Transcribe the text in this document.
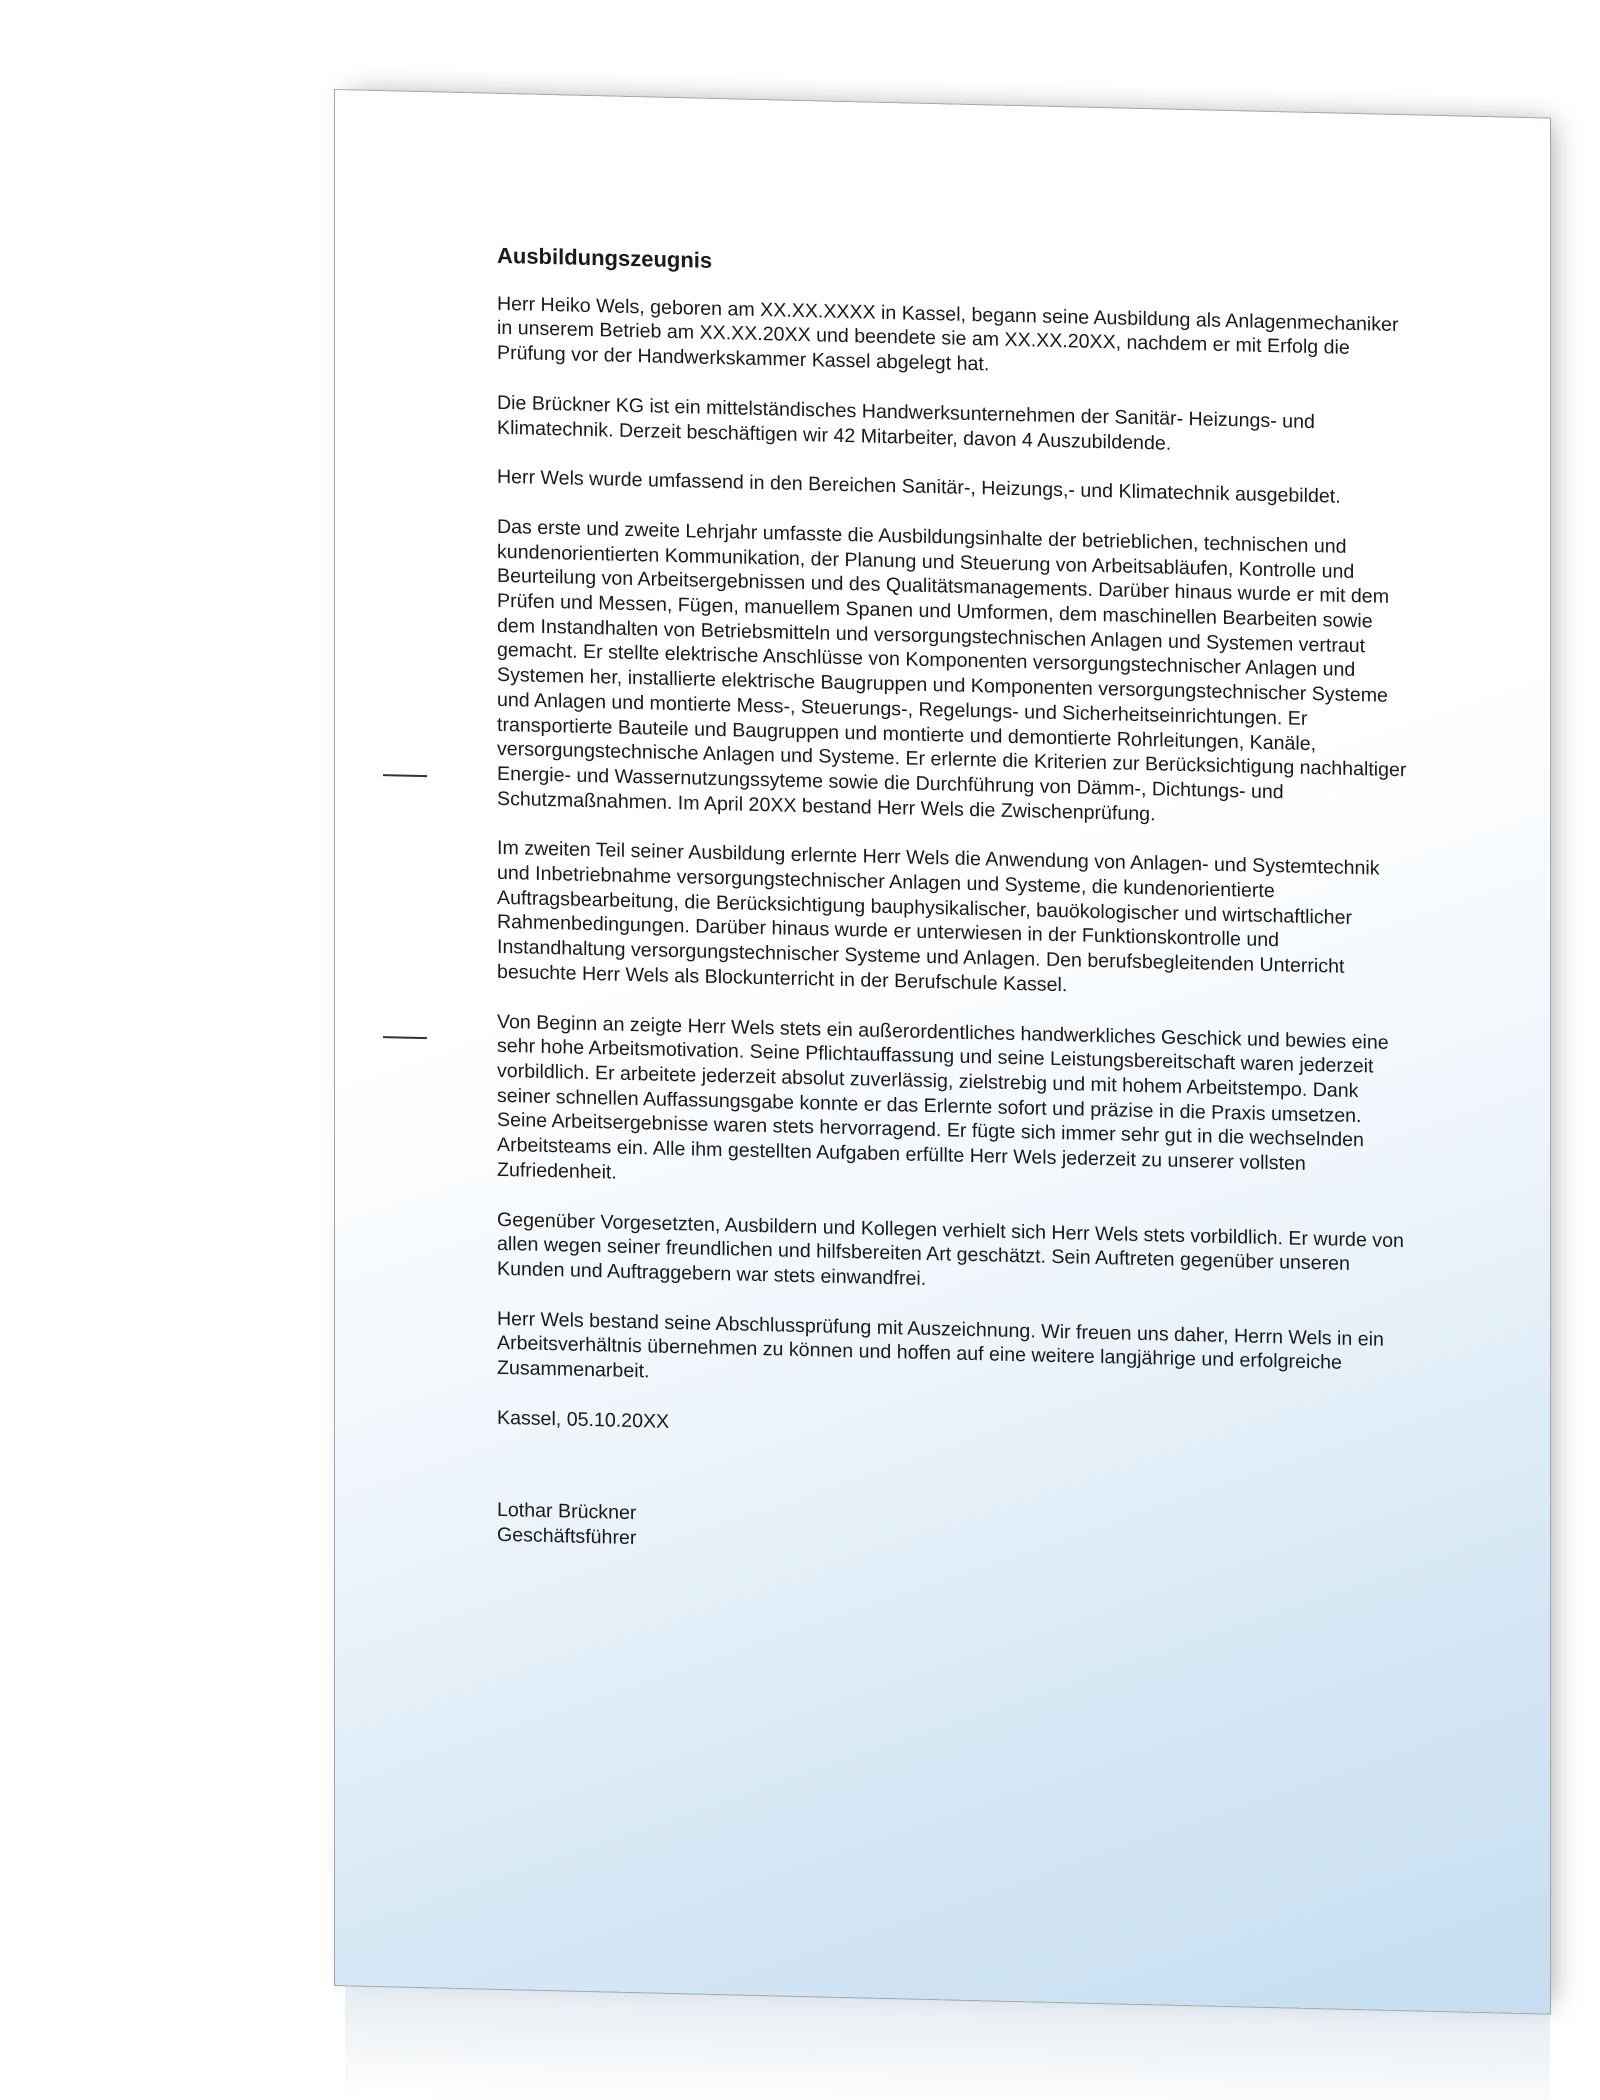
Ausbildungszeugnis

Herr Heiko Wels, geboren am XX.XX.XXXX in Kassel, begann seine Ausbildung als Anlagenmechaniker
in unserem Betrieb am XX.XX.20XX und beendete sie am XX.XX.20XX, nachdem er mit Erfolg die
Prüfung vor der Handwerkskammer Kassel abgelegt hat.

Die Brückner KG ist ein mittelständisches Handwerksunternehmen der Sanitär- Heizungs- und
Klimatechnik. Derzeit beschäftigen wir 42 Mitarbeiter, davon 4 Auszubildende.

Herr Wels wurde umfassend in den Bereichen Sanitär-, Heizungs,- und Klimatechnik ausgebildet.

Das erste und zweite Lehrjahr umfasste die Ausbildungsinhalte der betrieblichen, technischen und
kundenorientierten Kommunikation, der Planung und Steuerung von Arbeitsabläufen, Kontrolle und
Beurteilung von Arbeitsergebnissen und des Qualitätsmanagements. Darüber hinaus wurde er mit dem
Prüfen und Messen, Fügen, manuellem Spanen und Umformen, dem maschinellen Bearbeiten sowie
dem Instandhalten von Betriebsmitteln und versorgungstechnischen Anlagen und Systemen vertraut
gemacht. Er stellte elektrische Anschlüsse von Komponenten versorgungstechnischer Anlagen und
Systemen her, installierte elektrische Baugruppen und Komponenten versorgungstechnischer Systeme
und Anlagen und montierte Mess-, Steuerungs-, Regelungs- und Sicherheitseinrichtungen. Er
transportierte Bauteile und Baugruppen und montierte und demontierte Rohrleitungen, Kanäle,
versorgungstechnische Anlagen und Systeme. Er erlernte die Kriterien zur Berücksichtigung nachhaltiger
Energie- und Wassernutzungssyteme sowie die Durchführung von Dämm-, Dichtungs- und
Schutzmaßnahmen. Im April 20XX bestand Herr Wels die Zwischenprüfung.

Im zweiten Teil seiner Ausbildung erlernte Herr Wels die Anwendung von Anlagen- und Systemtechnik
und Inbetriebnahme versorgungstechnischer Anlagen und Systeme, die kundenorientierte
Auftragsbearbeitung, die Berücksichtigung bauphysikalischer, bauökologischer und wirtschaftlicher
Rahmenbedingungen. Darüber hinaus wurde er unterwiesen in der Funktionskontrolle und
Instandhaltung versorgungstechnischer Systeme und Anlagen. Den berufsbegleitenden Unterricht
besuchte Herr Wels als Blockunterricht in der Berufschule Kassel.

Von Beginn an zeigte Herr Wels stets ein außerordentliches handwerkliches Geschick und bewies eine
sehr hohe Arbeitsmotivation. Seine Pflichtauffassung und seine Leistungsbereitschaft waren jederzeit
vorbildlich. Er arbeitete jederzeit absolut zuverlässig, zielstrebig und mit hohem Arbeitstempo. Dank
seiner schnellen Auffassungsgabe konnte er das Erlernte sofort und präzise in die Praxis umsetzen.
Seine Arbeitsergebnisse waren stets hervorragend. Er fügte sich immer sehr gut in die wechselnden
Arbeitsteams ein. Alle ihm gestellten Aufgaben erfüllte Herr Wels jederzeit zu unserer vollsten
Zufriedenheit.

Gegenüber Vorgesetzten, Ausbildern und Kollegen verhielt sich Herr Wels stets vorbildlich. Er wurde von
allen wegen seiner freundlichen und hilfsbereiten Art geschätzt. Sein Auftreten gegenüber unseren
Kunden und Auftraggebern war stets einwandfrei.

Herr Wels bestand seine Abschlussprüfung mit Auszeichnung. Wir freuen uns daher, Herrn Wels in ein
Arbeitsverhältnis übernehmen zu können und hoffen auf eine weitere langjährige und erfolgreiche
Zusammenarbeit.

Kassel, 05.10.20XX
Lothar Brückner
Geschäftsführer
